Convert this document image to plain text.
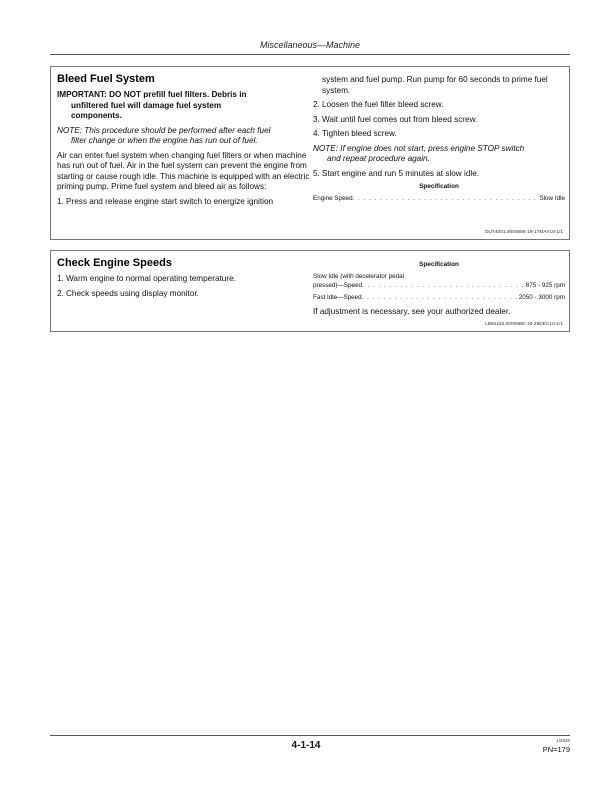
Miscellaneous—Machine
Bleed Fuel System

IMPORTANT: DO NOT prefill fuel filters. Debris in
unfiltered fuel will damage fuel system
components.

NOTE: This procedure should be performed after each fuel
filter change or when the engine has run out of fuel.

Air can enter fuel system when changing fuel filters or when machine has run out of fuel. Air in the fuel system can prevent the engine from starting or cause rough idle. This machine is equipped with an electric priming pump. Prime fuel system and bleed air as follows:

1. Press and release engine start switch to energize ignition

system and fuel pump. Run pump for 60 seconds to prime fuel system.

2. Loosen the fuel filter bleed screw.

3. Wait until fuel comes out from bleed screw.

4. Tighten bleed screw.

NOTE: If engine does not start, press engine STOP switch
and repeat procedure again.

5. Start engine and run 5 minutes at slow idle.

Specification
Engine Speed . . .	Slow Idle
OUT4001,0000686-19-17MAY19-1/1
Check Engine Speeds

1. Warm engine to normal operating temperature.

2. Check speeds using display monitor.

Specification
Slow Idle (with decelerator pedal
pressed)—Speed . . .	875 - 925 rpm
Fast Idle—Speed . . .	2050 - 3000 rpm

If adjustment is necessary, see your authorized dealer.

LB82152,00006BE-19-29DEC10-1/1
4-1-14	1/2020
PN=179
